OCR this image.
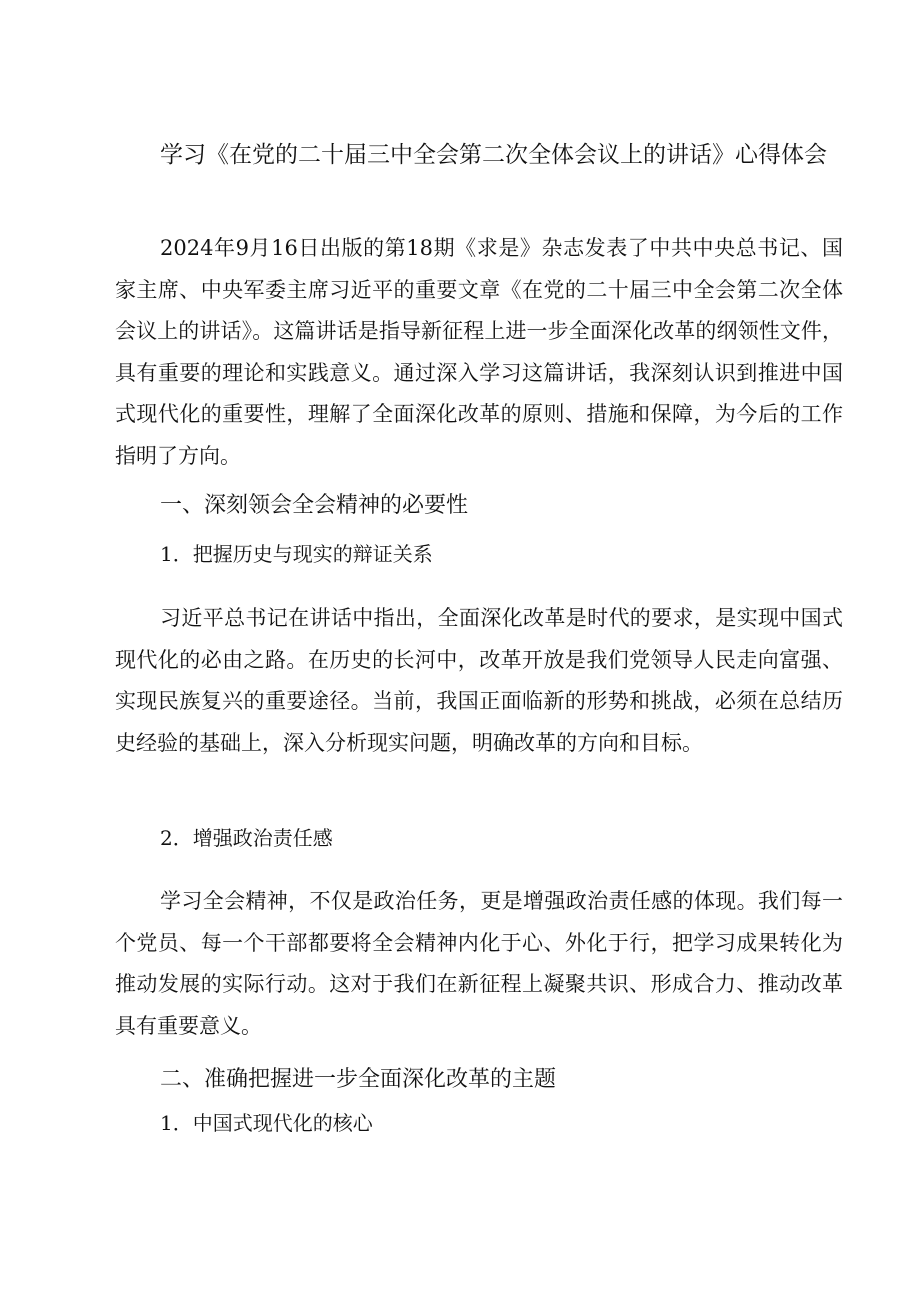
学习《在党的二十届三中全会第二次全体会议上的讲话》心得体会

2024年9月16日出版的第18期《求是》杂志发表了中共中央总书记、国家主席、中央军委主席习近平的重要文章《在党的二十届三中全会第二次全体会议上的讲话》。这篇讲话是指导新征程上进一步全面深化改革的纲领性文件，具有重要的理论和实践意义。通过深入学习这篇讲话，我深刻认识到推进中国式现代化的重要性，理解了全面深化改革的原则、措施和保障，为今后的工作指明了方向。

一、深刻领会全会精神的必要性
1．把握历史与现实的辩证关系

习近平总书记在讲话中指出，全面深化改革是时代的要求，是实现中国式现代化的必由之路。在历史的长河中，改革开放是我们党领导人民走向富强、实现民族复兴的重要途径。当前，我国正面临新的形势和挑战，必须在总结历史经验的基础上，深入分析现实问题，明确改革的方向和目标。

2．增强政治责任感

学习全会精神，不仅是政治任务，更是增强政治责任感的体现。我们每一个党员、每一个干部都要将全会精神内化于心、外化于行，把学习成果转化为推动发展的实际行动。这对于我们在新征程上凝聚共识、形成合力、推动改革具有重要意义。

二、准确把握进一步全面深化改革的主题
1．中国式现代化的核心
